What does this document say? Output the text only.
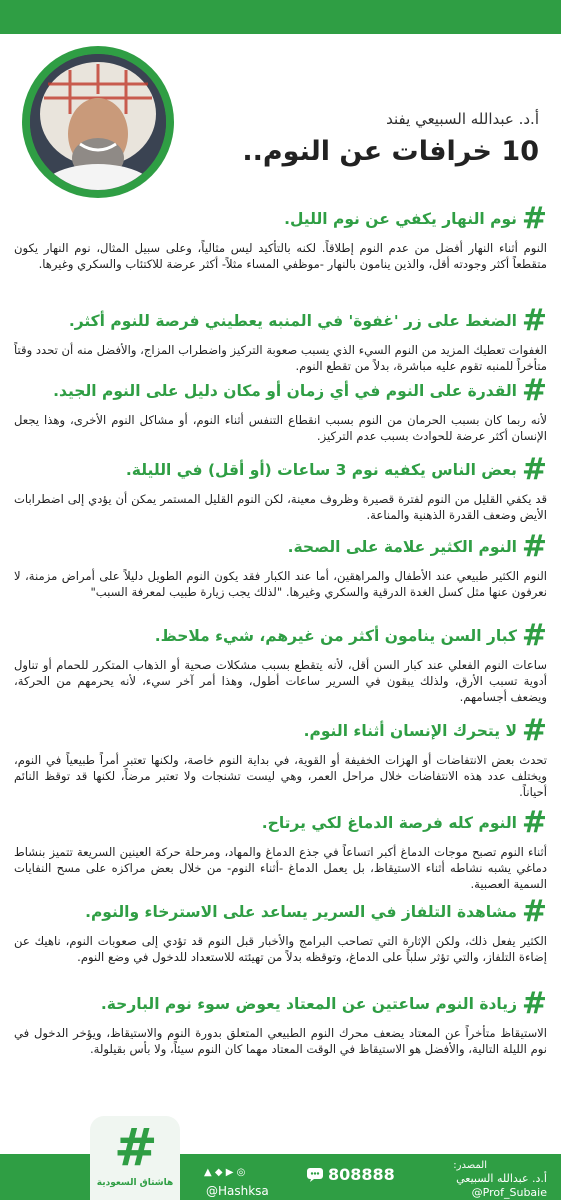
أ.د. عبدالله السبيعي يفند
10 خرافات عن النوم..
#
نوم النهار يكفي عن نوم الليل.
النوم أثناء النهار أفضل من عدم النوم إطلاقاً. لكنه بالتأكيد ليس مثالياً، وعلى سبيل المثال، نوم النهار يكون متقطعاً أكثر وجودته أقل، والذين ينامون بالنهار -موظفي المساء مثلاً- أكثر عرضة للاكتئاب والسكري وغيرها.
#
الضغط على زر 'غفوة' في المنبه يعطيني فرصة للنوم أكثر.
الغفوات تعطيك المزيد من النوم السيء الذي يسبب صعوبة التركيز واضطراب المزاج، والأفضل منه أن تحدد وقتاً متأخراً للمنبه تقوم عليه مباشرة، بدلاً من تقطع النوم.
#
القدرة على النوم في أي زمان أو مكان دليل على النوم الجيد.
لأنه ربما كان بسبب الحرمان من النوم بسبب انقطاع التنفس أثناء النوم، أو مشاكل النوم الأخرى، وهذا يجعل الإنسان أكثر عرضة للحوادث بسبب عدم التركيز.
#
بعض الناس يكفيه نوم 3 ساعات (أو أقل) في الليلة.
قد يكفي القليل من النوم لفترة قصيرة وظروف معينة، لكن النوم القليل المستمر يمكن أن يؤدي إلى اضطرابات الأيض وضعف القدرة الذهنية والمناعة.
#
النوم الكثير علامة على الصحة.
النوم الكثير طبيعي عند الأطفال والمراهقين، أما عند الكبار فقد يكون النوم الطويل دليلاً على أمراض مزمنة، لا نعرفون عنها مثل كسل الغدة الدرقية والسكري وغيرها. "لذلك يجب زيارة طبيب لمعرفة السبب"
#
كبار السن ينامون أكثر من غيرهم، شيء ملاحظ.
ساعات النوم الفعلي عند كبار السن أقل، لأنه يتقطع بسبب مشكلات صحية أو الذهاب المتكرر للحمام أو تناول أدوية تسبب الأرق، ولذلك يبقون في السرير ساعات أطول، وهذا أمر آخر سيء، لأنه يحرمهم من الحركة، ويضعف أجسامهم.
#
لا يتحرك الإنسان أثناء النوم.
تحدث بعض الانتفاضات أو الهزات الخفيفة أو القوية، في بداية النوم خاصة، ولكنها تعتبر أمراً طبيعياً في النوم، ويختلف عدد هذه الانتفاضات خلال مراحل العمر، وهي ليست تشنجات ولا تعتبر مرضاً، لكنها قد توقظ النائم أحياناً.
#
النوم كله فرصة الدماغ لكي يرتاح.
أثناء النوم تصبح موجات الدماغ أكبر اتساعاً في جذع الدماغ والمهاد، ومرحلة حركة العينين السريعة تتميز بنشاط دماغي يشبه نشاطه أثناء الاستيقاظ، بل يعمل الدماغ -أثناء النوم- من خلال بعض مراكزه على مسح النفايات السمية العصبية.
#
مشاهدة التلفاز في السرير يساعد على الاسترخاء والنوم.
الكثير يفعل ذلك، ولكن الإثارة التي تصاحب البرامج والأخبار قبل النوم قد تؤدي إلى صعوبات النوم، ناهيك عن إضاءة التلفاز، والتي تؤثر سلباً على الدماغ، وتوقظه بدلاً من تهيئته للاستعداد للدخول في وضع النوم.
#
زيادة النوم ساعتين عن المعتاد يعوض سوء نوم البارحة.
الاستيقاظ متأخراً عن المعتاد يضعف محرك النوم الطبيعي المتعلق بدورة النوم والاستيقاظ، ويؤخر الدخول في نوم الليلة التالية، والأفضل هو الاستيقاظ في الوقت المعتاد مهما كان النوم سيئاً، ولا بأس بقيلولة.
#
هاشتاق السعودية
المصدر:
أ.د. عبدالله السبيعي
@Prof_Subaie
808888
▲ ◆ ▶ ◎
@Hashksa
